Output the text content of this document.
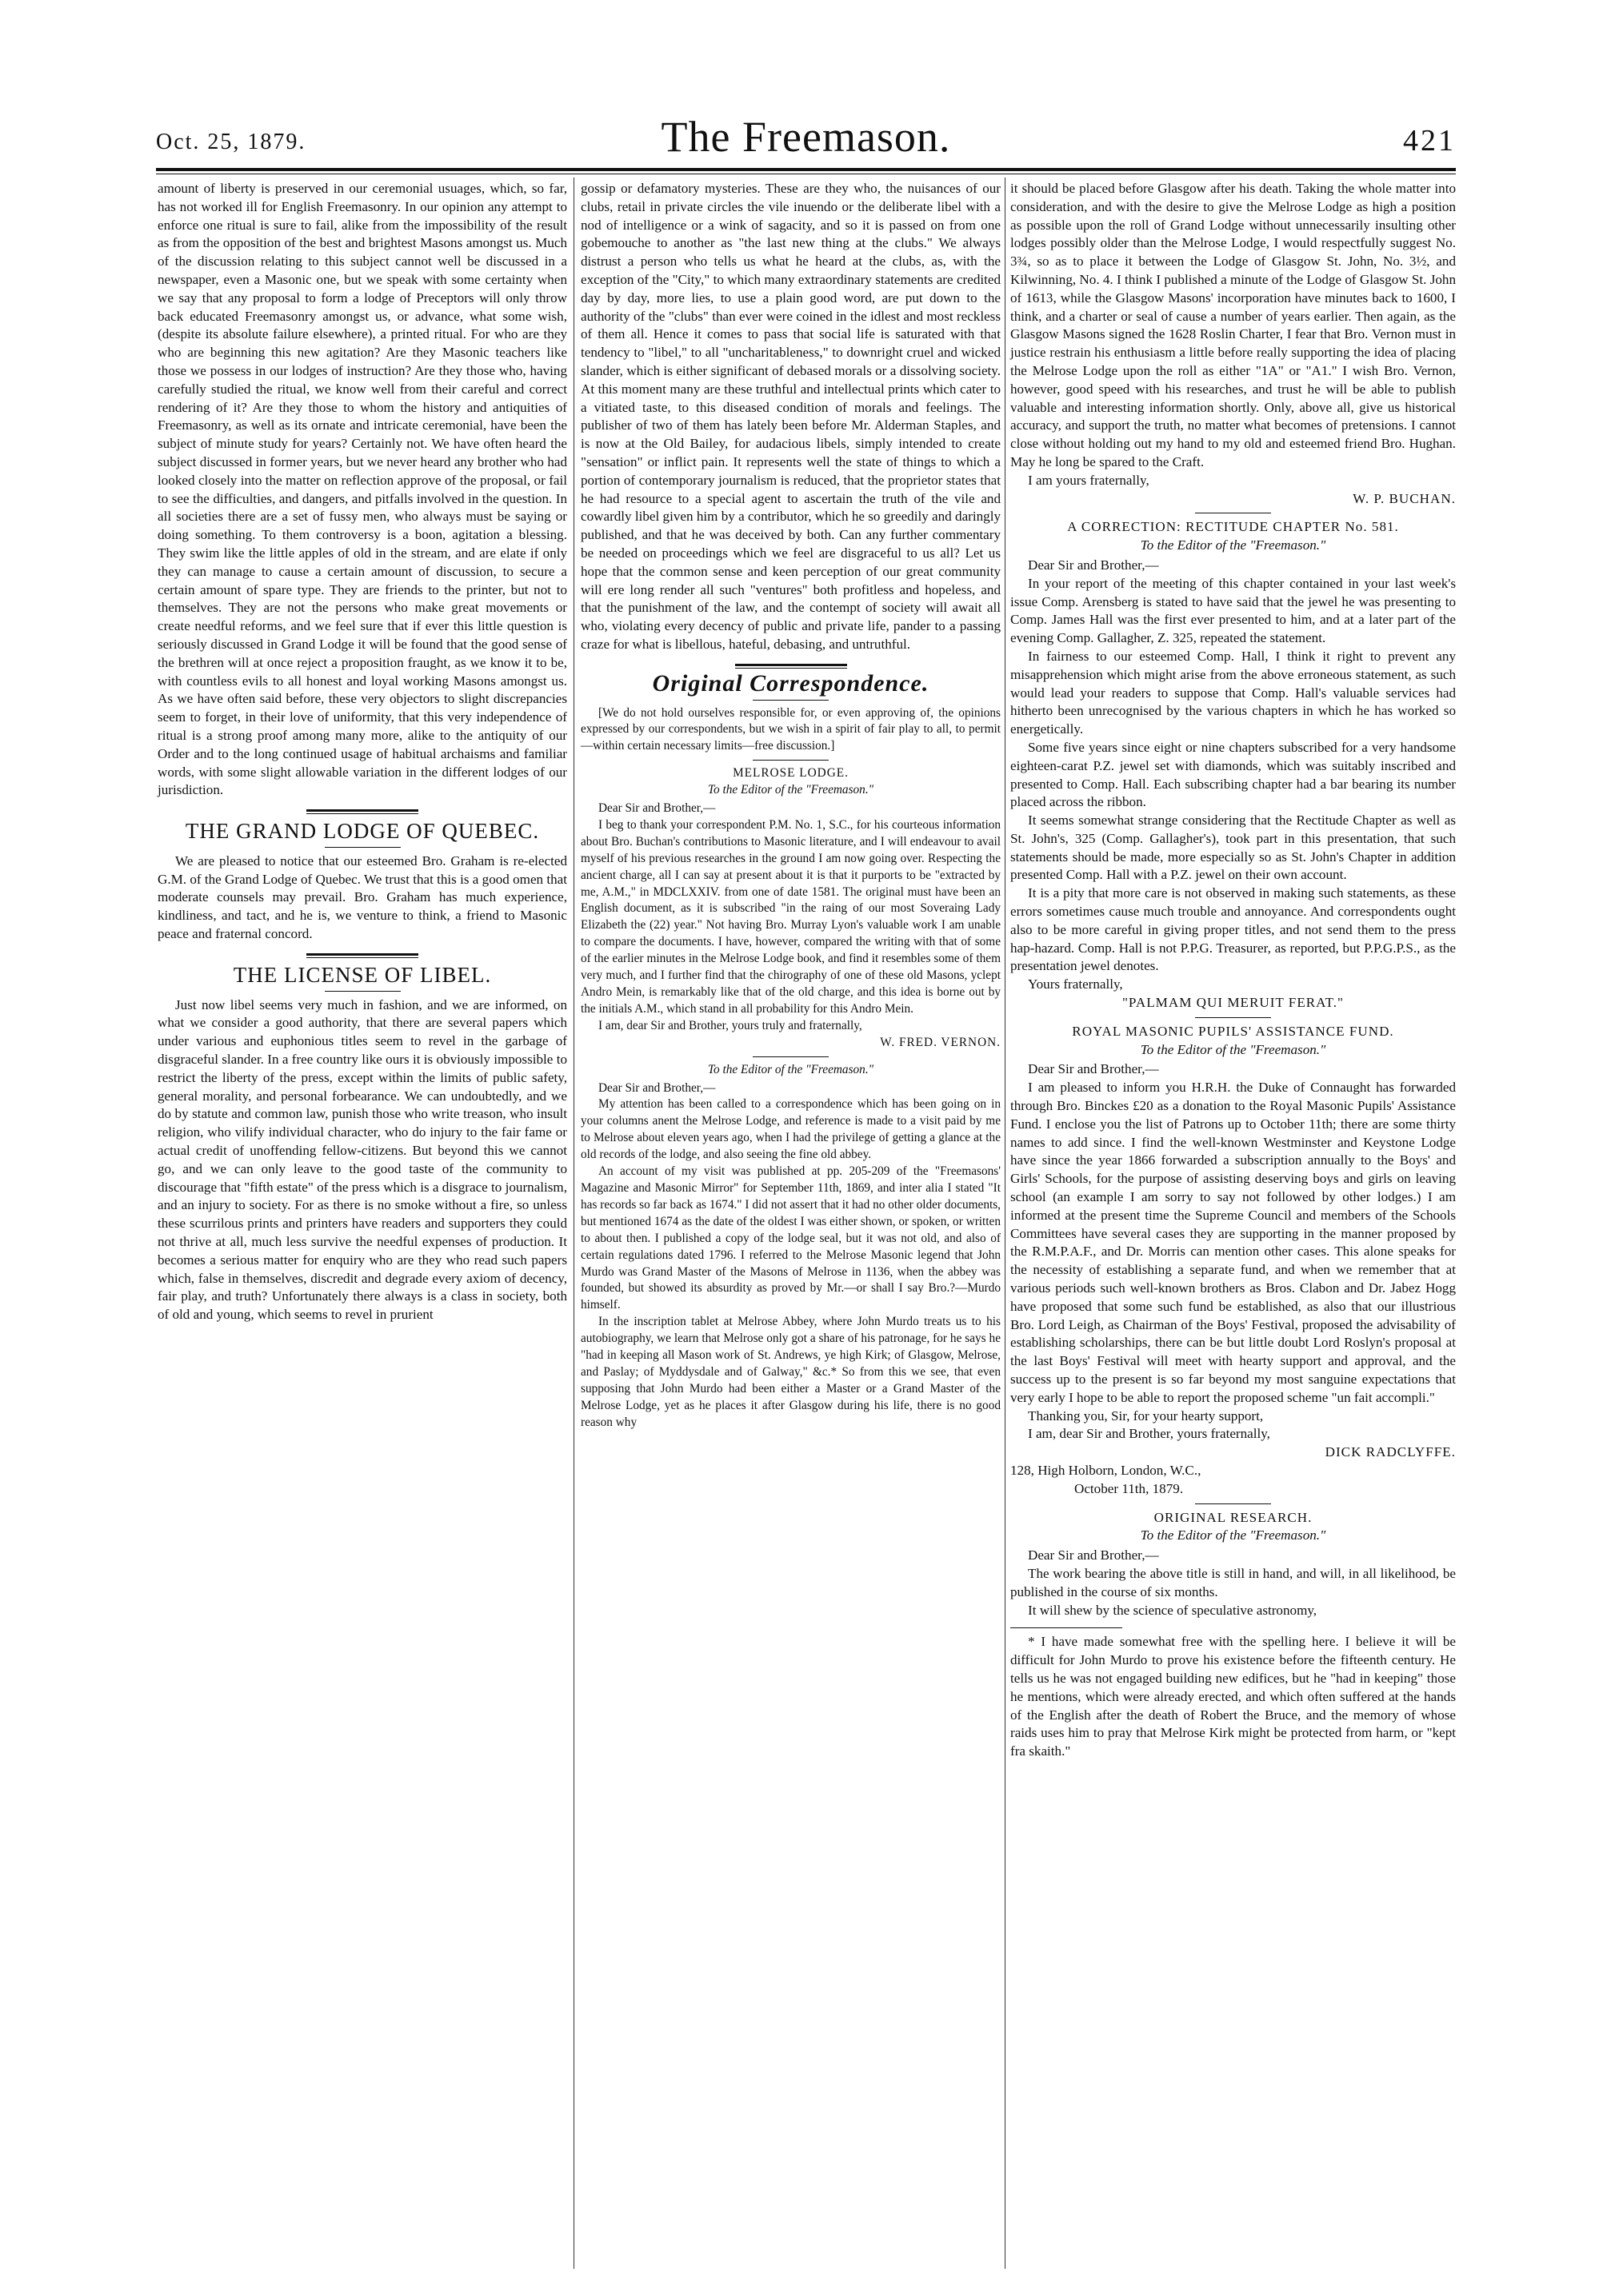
Oct. 25, 1879.	The Freemason.	421

amount of liberty is preserved in our ceremonial usuages, which, so far, has not worked ill for English Freemasonry. In our opinion any attempt to enforce one ritual is sure to fail, alike from the impossibility of the result as from the opposition of the best and brightest Masons amongst us. Much of the discussion relating to this subject cannot well be discussed in a newspaper, even a Masonic one, but we speak with some certainty when we say that any proposal to form a lodge of Preceptors will only throw back educated Freemasonry amongst us, or advance, what some wish, (despite its absolute failure elsewhere), a printed ritual. For who are they who are beginning this new agitation? Are they Masonic teachers like those we possess in our lodges of instruction? Are they those who, having carefully studied the ritual, we know well from their careful and correct rendering of it? Are they those to whom the history and antiquities of Freemasonry, as well as its ornate and intricate ceremonial, have been the subject of minute study for years? Certainly not. We have often heard the subject discussed in former years, but we never heard any brother who had looked closely into the matter on reflection approve of the proposal, or fail to see the difficulties, and dangers, and pitfalls involved in the question. In all societies there are a set of fussy men, who always must be saying or doing something. To them controversy is a boon, agitation a blessing. They swim like the little apples of old in the stream, and are elate if only they can manage to cause a certain amount of discussion, to secure a certain amount of spare type. They are friends to the printer, but not to themselves. They are not the persons who make great movements or create needful reforms, and we feel sure that if ever this little question is seriously discussed in Grand Lodge it will be found that the good sense of the brethren will at once reject a proposition fraught, as we know it to be, with countless evils to all honest and loyal working Masons amongst us. As we have often said before, these very objectors to slight discrepancies seem to forget, in their love of uniformity, that this very independence of ritual is a strong proof among many more, alike to the antiquity of our Order and to the long continued usage of habitual archaisms and familiar words, with some slight allowable variation in the different lodges of our jurisdiction.

THE GRAND LODGE OF QUEBEC.

We are pleased to notice that our esteemed Bro. Graham is re-elected G.M. of the Grand Lodge of Quebec. We trust that this is a good omen that moderate counsels may prevail. Bro. Graham has much experience, kindliness, and tact, and he is, we venture to think, a friend to Masonic peace and fraternal concord.

THE LICENSE OF LIBEL.

Just now libel seems very much in fashion, and we are informed, on what we consider a good authority, that there are several papers which under various and euphonious titles seem to revel in the garbage of disgraceful slander. In a free country like ours it is obviously impossible to restrict the liberty of the press, except within the limits of public safety, general morality, and personal forbearance. We can undoubtedly, and we do by statute and common law, punish those who write treason, who insult religion, who vilify individual character, who do injury to the fair fame or actual credit of unoffending fellow-citizens. But beyond this we cannot go, and we can only leave to the good taste of the community to discourage that "fifth estate" of the press which is a disgrace to journalism, and an injury to society. For as there is no smoke without a fire, so unless these scurrilous prints and printers have readers and supporters they could not thrive at all, much less survive the needful expenses of production. It becomes a serious matter for enquiry who are they who read such papers which, false in themselves, discredit and degrade every axiom of decency, fair play, and truth? Unfortunately there always is a class in society, both of old and young, which seems to revel in prurient

gossip or defamatory mysteries. These are they who, the nuisances of our clubs, retail in private circles the vile inuendo or the deliberate libel with a nod of intelligence or a wink of sagacity, and so it is passed on from one gobemouche to another as "the last new thing at the clubs." We always distrust a person who tells us what he heard at the clubs, as, with the exception of the "City," to which many extraordinary statements are credited day by day, more lies, to use a plain good word, are put down to the authority of the "clubs" than ever were coined in the idlest and most reckless of them all. Hence it comes to pass that social life is saturated with that tendency to "libel," to all "uncharitableness," to downright cruel and wicked slander, which is either significant of debased morals or a dissolving society. At this moment many are these truthful and intellectual prints which cater to a vitiated taste, to this diseased condition of morals and feelings. The publisher of two of them has lately been before Mr. Alderman Staples, and is now at the Old Bailey, for audacious libels, simply intended to create "sensation" or inflict pain. It represents well the state of things to which a portion of contemporary journalism is reduced, that the proprietor states that he had resource to a special agent to ascertain the truth of the vile and cowardly libel given him by a contributor, which he so greedily and daringly published, and that he was deceived by both. Can any further commentary be needed on proceedings which we feel are disgraceful to us all? Let us hope that the common sense and keen perception of our great community will ere long render all such "ventures" both profitless and hopeless, and that the punishment of the law, and the contempt of society will await all who, violating every decency of public and private life, pander to a passing craze for what is libellous, hateful, debasing, and untruthful.

Original Correspondence.

[We do not hold ourselves responsible for, or even approving of, the opinions expressed by our correspondents, but we wish in a spirit of fair play to all, to permit—within certain necessary limits—free discussion.]

MELROSE LODGE.
To the Editor of the "Freemason."

Dear Sir and Brother,—

I beg to thank your correspondent P.M. No. 1, S.C., for his courteous information about Bro. Buchan's contributions to Masonic literature, and I will endeavour to avail myself of his previous researches in the ground I am now going over. Respecting the ancient charge, all I can say at present about it is that it purports to be "extracted by me, A.M.," in MDCLXXIV. from one of date 1581. The original must have been an English document, as it is subscribed "in the raing of our most Soveraing Lady Elizabeth the (22) year." Not having Bro. Murray Lyon's valuable work I am unable to compare the documents. I have, however, compared the writing with that of some of the earlier minutes in the Melrose Lodge book, and find it resembles some of them very much, and I further find that the chirography of one of these old Masons, yclept Andro Mein, is remarkably like that of the old charge, and this idea is borne out by the initials A.M., which stand in all probability for this Andro Mein.

I am, dear Sir and Brother, yours truly and fraternally,

W. FRED. VERNON.
To the Editor of the "Freemason."

Dear Sir and Brother,—

My attention has been called to a correspondence which has been going on in your columns anent the Melrose Lodge, and reference is made to a visit paid by me to Melrose about eleven years ago, when I had the privilege of getting a glance at the old records of the lodge, and also seeing the fine old abbey.

An account of my visit was published at pp. 205-209 of the "Freemasons' Magazine and Masonic Mirror" for September 11th, 1869, and inter alia I stated "It has records so far back as 1674." I did not assert that it had no other older documents, but mentioned 1674 as the date of the oldest I was either shown, or spoken, or written to about then. I published a copy of the lodge seal, but it was not old, and also of certain regulations dated 1796. I referred to the Melrose Masonic legend that John Murdo was Grand Master of the Masons of Melrose in 1136, when the abbey was founded, but showed its absurdity as proved by Mr.—or shall I say Bro.?—Murdo himself.

In the inscription tablet at Melrose Abbey, where John Murdo treats us to his autobiography, we learn that Melrose only got a share of his patronage, for he says he "had in keeping all Mason work of St. Andrews, ye high Kirk; of Glasgow, Melrose, and Paslay; of Myddysdale and of Galway," &c.* So from this we see, that even supposing that John Murdo had been either a Master or a Grand Master of the Melrose Lodge, yet as he places it after Glasgow during his life, there is no good reason why

it should be placed before Glasgow after his death. Taking the whole matter into consideration, and with the desire to give the Melrose Lodge as high a position as possible upon the roll of Grand Lodge without unnecessarily insulting other lodges possibly older than the Melrose Lodge, I would respectfully suggest No. 3¾, so as to place it between the Lodge of Glasgow St. John, No. 3½, and Kilwinning, No. 4. I think I published a minute of the Lodge of Glasgow St. John of 1613, while the Glasgow Masons' incorporation have minutes back to 1600, I think, and a charter or seal of cause a number of years earlier. Then again, as the Glasgow Masons signed the 1628 Roslin Charter, I fear that Bro. Vernon must in justice restrain his enthusiasm a little before really supporting the idea of placing the Melrose Lodge upon the roll as either "1A" or "A1." I wish Bro. Vernon, however, good speed with his researches, and trust he will be able to publish valuable and interesting information shortly. Only, above all, give us historical accuracy, and support the truth, no matter what becomes of pretensions. I cannot close without holding out my hand to my old and esteemed friend Bro. Hughan. May he long be spared to the Craft.

I am yours fraternally,

W. P. BUCHAN.
A CORRECTION: RECTITUDE CHAPTER No. 581.
To the Editor of the "Freemason."

Dear Sir and Brother,—

In your report of the meeting of this chapter contained in your last week's issue Comp. Arensberg is stated to have said that the jewel he was presenting to Comp. James Hall was the first ever presented to him, and at a later part of the evening Comp. Gallagher, Z. 325, repeated the statement.

In fairness to our esteemed Comp. Hall, I think it right to prevent any misapprehension which might arise from the above erroneous statement, as such would lead your readers to suppose that Comp. Hall's valuable services had hitherto been unrecognised by the various chapters in which he has worked so energetically.

Some five years since eight or nine chapters subscribed for a very handsome eighteen-carat P.Z. jewel set with diamonds, which was suitably inscribed and presented to Comp. Hall. Each subscribing chapter had a bar bearing its number placed across the ribbon.

It seems somewhat strange considering that the Rectitude Chapter as well as St. John's, 325 (Comp. Gallagher's), took part in this presentation, that such statements should be made, more especially so as St. John's Chapter in addition presented Comp. Hall with a P.Z. jewel on their own account.

It is a pity that more care is not observed in making such statements, as these errors sometimes cause much trouble and annoyance. And correspondents ought also to be more careful in giving proper titles, and not send them to the press hap-hazard. Comp. Hall is not P.P.G. Treasurer, as reported, but P.P.G.P.S., as the presentation jewel denotes.

Yours fraternally,

"PALMAM QUI MERUIT FERAT."
ROYAL MASONIC PUPILS' ASSISTANCE FUND.
To the Editor of the "Freemason."

Dear Sir and Brother,—

I am pleased to inform you H.R.H. the Duke of Connaught has forwarded through Bro. Binckes £20 as a donation to the Royal Masonic Pupils' Assistance Fund. I enclose you the list of Patrons up to October 11th; there are some thirty names to add since. I find the well-known Westminster and Keystone Lodge have since the year 1866 forwarded a subscription annually to the Boys' and Girls' Schools, for the purpose of assisting deserving boys and girls on leaving school (an example I am sorry to say not followed by other lodges.) I am informed at the present time the Supreme Council and members of the Schools Committees have several cases they are supporting in the manner proposed by the R.M.P.A.F., and Dr. Morris can mention other cases. This alone speaks for the necessity of establishing a separate fund, and when we remember that at various periods such well-known brothers as Bros. Clabon and Dr. Jabez Hogg have proposed that some such fund be established, as also that our illustrious Bro. Lord Leigh, as Chairman of the Boys' Festival, proposed the advisability of establishing scholarships, there can be but little doubt Lord Roslyn's proposal at the last Boys' Festival will meet with hearty support and approval, and the success up to the present is so far beyond my most sanguine expectations that very early I hope to be able to report the proposed scheme "un fait accompli."

Thanking you, Sir, for your hearty support,

I am, dear Sir and Brother, yours fraternally,

DICK RADCLYFFE.

128, High Holborn, London, W.C.,

October 11th, 1879.

ORIGINAL RESEARCH.
To the Editor of the "Freemason."

Dear Sir and Brother,—

The work bearing the above title is still in hand, and will, in all likelihood, be published in the course of six months.

It will shew by the science of speculative astronomy,

* I have made somewhat free with the spelling here. I believe it will be difficult for John Murdo to prove his existence before the fifteenth century. He tells us he was not engaged building new edifices, but he "had in keeping" those he mentions, which were already erected, and which often suffered at the hands of the English after the death of Robert the Bruce, and the memory of whose raids uses him to pray that Melrose Kirk might be protected from harm, or "kept fra skaith."
